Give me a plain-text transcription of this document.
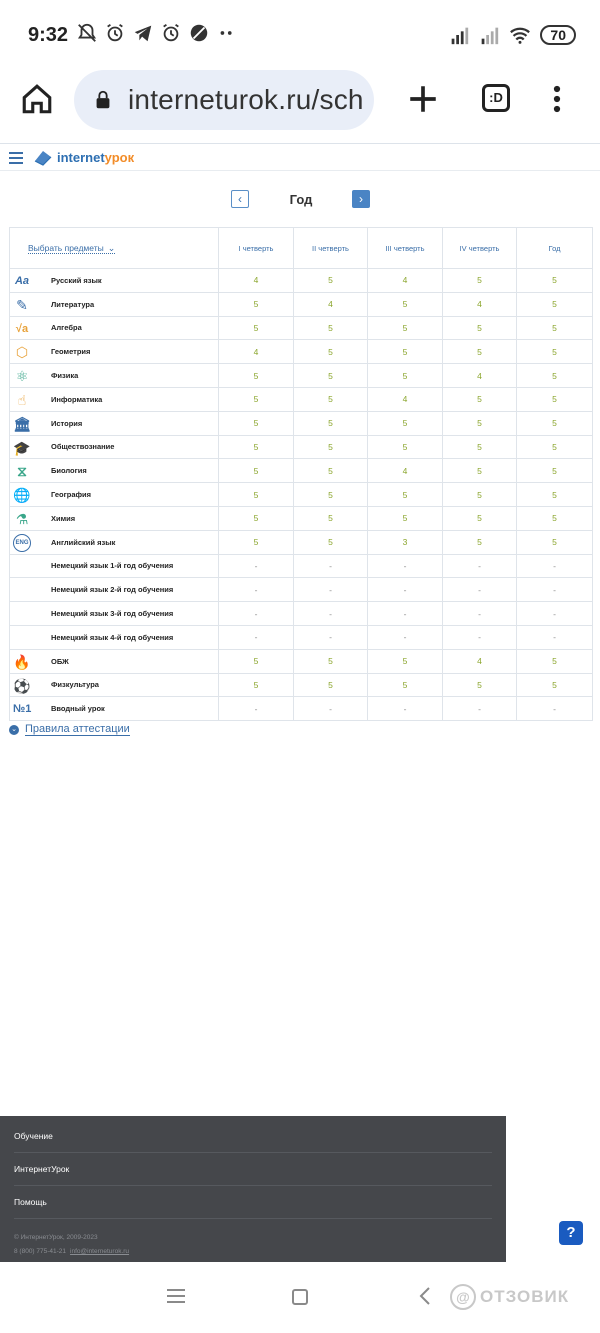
9:32	70
interneturok.ru/sch	:D
internetурок
‹	Год	›
Выбрать предметы ⌄	I четверть	II четверть	III четверть	IV четверть	Год

Aa Русский язык	4	5	4	5	5

✎ Литература	5	4	5	4	5

√a Алгебра	5	5	5	5	5

⬡ Геометрия	4	5	5	5	5

⚛ Физика	5	5	5	4	5

☝ Информатика	5	5	4	5	5

🏛 История	5	5	5	5	5

🎓 Обществознание	5	5	5	5	5

⧖ Биология	5	5	4	5	5

🌐 География	5	5	5	5	5

⚗ Химия	5	5	5	5	5

ENG Английский язык	5	5	3	5	5

Немецкий язык 1-й год обучения	-	-	-	-	-

Немецкий язык 2-й год обучения	-	-	-	-	-

Немецкий язык 3-й год обучения	-	-	-	-	-

Немецкий язык 4-й год обучения	-	-	-	-	-

🔥 ОБЖ	5	5	5	4	5

⚽ Физкультура	5	5	5	5	5

№1 Вводный урок	-	-	-	-	-
⌄ Правила аттестации
Обучение
ИнтернетУрок
Помощь
© ИнтернетУрок, 2009-2023
8 (800) 775-41-21 info@interneturok.ru
?
@ ОТЗОВИК
